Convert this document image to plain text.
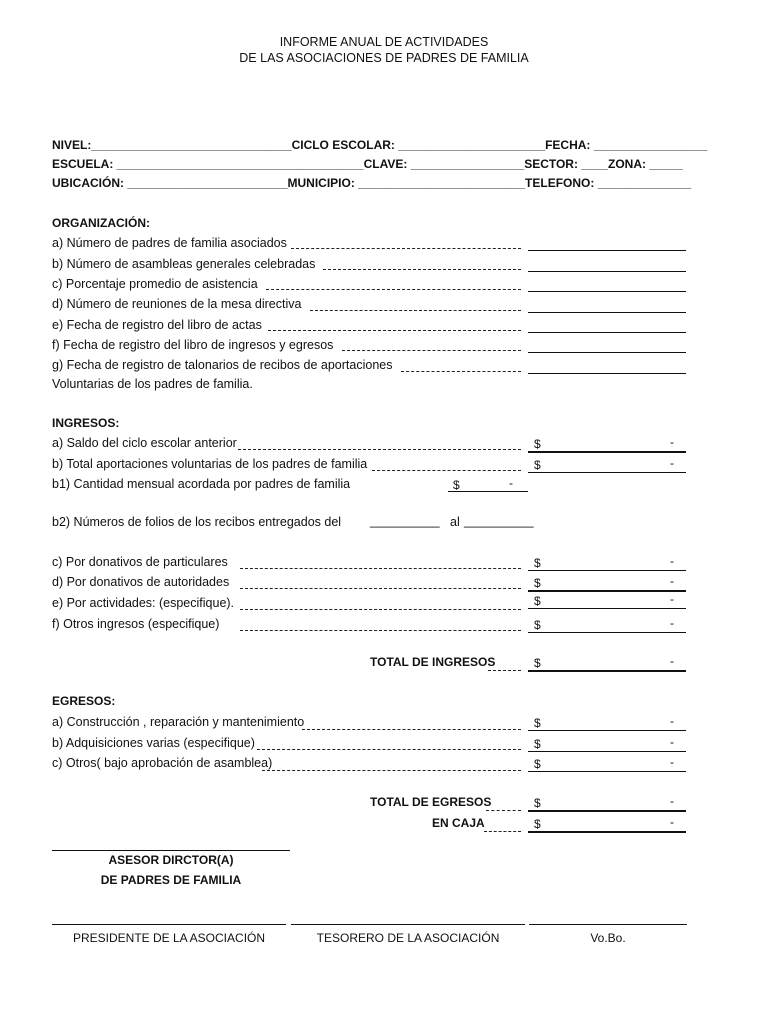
INFORME ANUAL DE ACTIVIDADES
DE LAS ASOCIACIONES DE PADRES DE FAMILIA
NIVEL:______________________________CICLO ESCOLAR: ______________________FECHA: _________________
ESCUELA: _____________________________________CLAVE: _________________SECTOR: ____ZONA: _____
UBICACIÓN: ________________________MUNICIPIO: _________________________TELEFONO: ______________
ORGANIZACIÓN:
a) Número de padres de familia asociados
b) Número de asambleas generales celebradas
c) Porcentaje promedio de asistencia
d) Número de reuniones de la mesa directiva
e) Fecha de registro del libro de actas
f) Fecha de registro del libro de ingresos y egresos
g) Fecha de registro de talonarios de recibos de aportaciones
Voluntarias de los padres de familia.
INGRESOS:
a) Saldo del ciclo escolar anterior	$	-
b) Total aportaciones voluntarias de los padres de familia	$	-
b1) Cantidad mensual acordada por padres de familia	$	-
b2) Números de folios de los recibos entregados del __________ al __________
c) Por donativos de particulares	$	-
d) Por donativos de autoridades	$	-
e) Por actividades: (especifique).	$	-
f) Otros ingresos (especifique)	$	-
TOTAL DE INGRESOS	$	-
EGRESOS:
a) Construcción , reparación y mantenimiento	$	-
b) Adquisiciones varias (especifique)	$	-
c) Otros( bajo aprobación de asamblea)	$	-
TOTAL DE EGRESOS	$	-
EN CAJA	$	-
ASESOR DIRCTOR(A)
DE PADRES DE FAMILIA
PRESIDENTE DE LA ASOCIACIÓN	TESORERO DE LA ASOCIACIÓN	Vo.Bo.
